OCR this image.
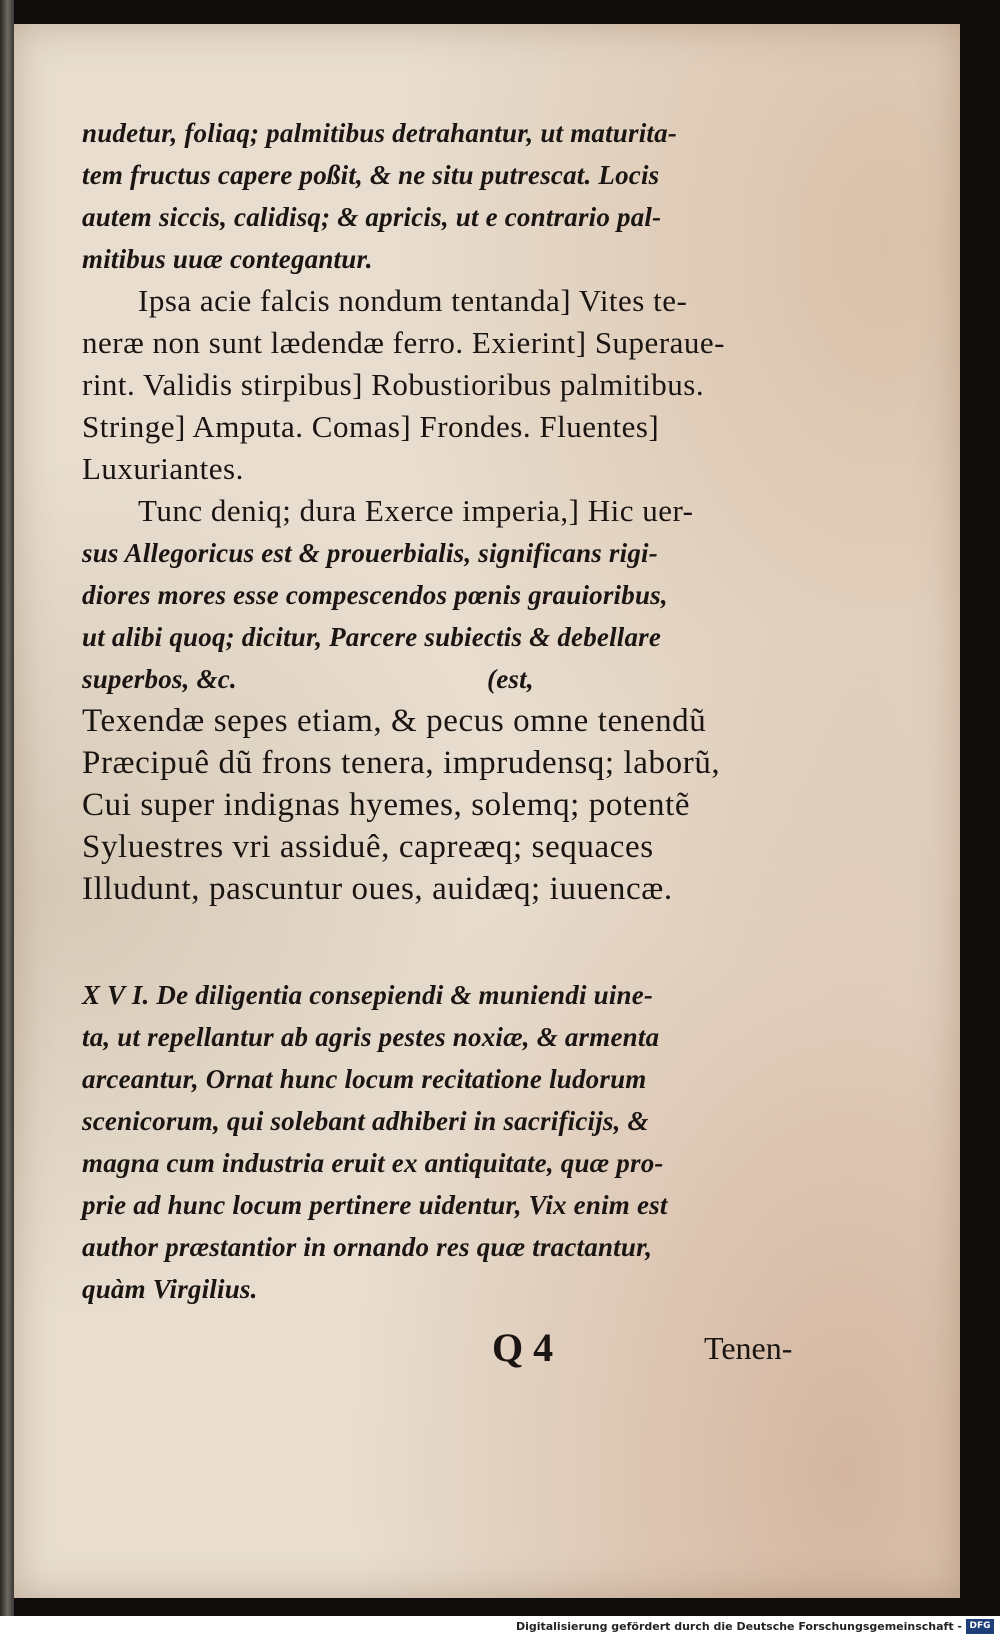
nudetur, foliaq; palmitibus detrahantur, ut maturita-
tem fructus capere poßit, & ne situ putrescat. Locis
autem siccis, calidisq; & apricis, ut e contrario pal-
mitibus uuæ contegantur.
Ipsa acie falcis nondum tentanda] Vites te-
neræ non sunt lædendæ ferro. Exierint] Superaue-
rint. Validis stirpibus] Robustioribus palmitibus.
Stringe] Amputa. Comas] Frondes. Fluentes]
Luxuriantes.
Tunc deniq; dura Exerce imperia,] Hic uer-
sus Allegoricus est & prouerbialis, significans rigi-
diores mores esse compescendos pœnis grauioribus,
ut alibi quoq; dicitur, Parcere subiectis & debellare
superbos, &c.                                    (est,
Texendæ sepes etiam, & pecus omne tenendũ
Præcipuê dũ frons tenera, imprudensq; laborũ,
Cui super indignas hyemes, solemq; potentẽ
Syluestres vri assiduê, capreæq; sequaces
Illudunt, pascuntur oues, auidæq; iuuencæ.
X V I. De diligentia consepiendi & muniendi uine-
ta, ut repellantur ab agris pestes noxiæ, & armenta
arceantur, Ornat hunc locum recitatione ludorum
scenicorum, qui solebant adhiberi in sacrificijs, &
magna cum industria eruit ex antiquitate, quæ pro-
prie ad hunc locum pertinere uidentur, Vix enim est
author præstantior in ornando res quæ tractantur,
quàm Virgilius.
Q 4	Tenen-
Digitalisierung gefördert durch die Deutsche Forschungsgemeinschaft - DFG
